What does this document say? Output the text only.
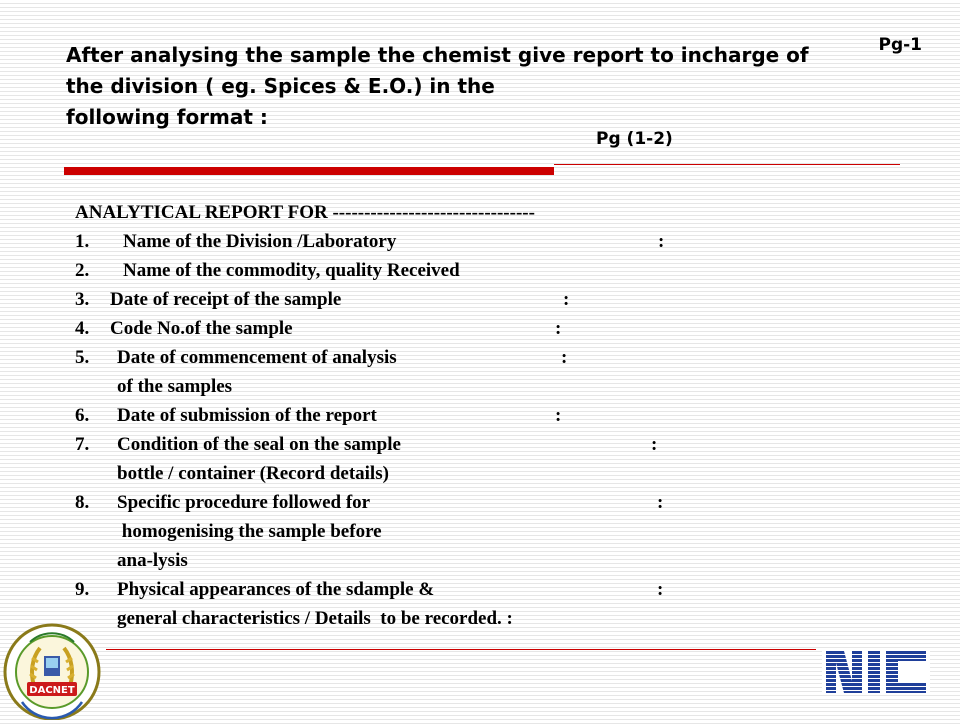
After analysing the sample the chemist give report to incharge of
the division ( eg. Spices & E.O.) in the
following format :
Pg-1
Pg (1-2)
ANALYTICAL REPORT FOR --------------------------------
1. Name of the Division /Laboratory	:
2. Name of the commodity, quality Received
3. Date of receipt of the sample	:
4. Code No.of the sample	:
5. Date of commencement of analysis	:
of the samples
6. Date of submission of the report	:
7. Condition of the seal on the sample	:
bottle / container (Record details)
8. Specific procedure followed for	:
homogenising the sample before
ana-lysis
9. Physical appearances of the sdample &	:
general characteristics / Details  to be recorded. :
DACNET
NIC
